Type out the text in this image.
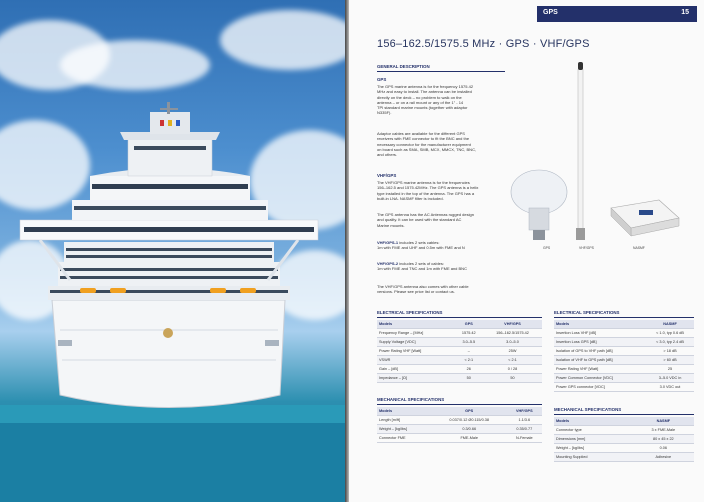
GPS	15
156–162.5/1575.5 MHz · GPS · VHF/GPS
GENERAL DESCRIPTION
GPS
The GPS marine antenna is for the frequency 1575.42
MHz and easy to install. The antenna can be installed
directly on the deck – no problem to walk on the
antenna – or on a rail mount or any of the 1" - 14
TPI standard marine mounts (together with adaptor
N335F).
Adaptor cables are available for the different GPS
receivers with FME connector to fit the BNC and the
necessary connector for the manufacturer equipment
on board such as SMA, SMB, MCX, MMCX, TNC, BNC,
and others.
VHF/GPS
The VHF/GPS marine antenna is for the frequencies
156–162.5 and 1575.42MHz. The GPS antenna is a helix
type installed in the top of the antenna. The GPS has a
built-in LNA. NASMF filter is included.
The GPS antenna has the AC Antennas rugged design
and quality. It can be used with the standard AC
Marine mounts.
VHF/GPS-1 includes 2 sets cables:
1m with FME and UHF and 0.5m with FME and N
VHF/GPS-2 includes 2 sets of cables:
1m with FME and TNC and 1m with FME and BNC
The VHF/GPS antenna also comes with other cable
versions. Please see price list or contact us.
GPS	VHF/GPS	NASMF
ELECTRICAL SPECIFICATIONS
Models	GPS	VHF/GPS
Frequency Range – [MHz]	1575.42	156–162.5/1575.42
Supply Voltage [VDC]	3.0–5.5	3.0–5.0
Power Rating VHF [Watt]	–	25W
VSWR	< 2:1	< 2:1
Gain – [dB]	26	0 / 28
Impedance – [Ω]	50	50
MECHANICAL SPECIFICATIONS
Models	GPS	VHF/GPS
Length [m/ft]	0.037/0.12 Ø0.115/0.38	1.1/3.6
Weight – [kg/lbs]	0.3/0.66	0.35/0.77
Connector FME	FME-Male	N-Female
ELECTRICAL SPECIFICATIONS
Models	NASMF
Insertion Loss VHF [dB]	< 1.0, typ 0.6 dB
Insertion Loss GPS [dB]	< 3.0, typ 2.4 dB
Isolation of GPS to VHF path [dB]	> 18 dB
Isolation of VHF to GPS path [dB]	> 60 dB
Power Rating VHF [Watt]	25
Power Common Connector [VDC]	3–5.0 VDC in
Power GPS connector [VDC]	3.0 VDC out
MECHANICAL SPECIFICATIONS
Models	NASMF
Connector type	3 x FME-Male
Dimensions [mm]	80 x 45 x 22
Weight – [kg/lbs]	0.06
Mounting Supplied	Adhesive
